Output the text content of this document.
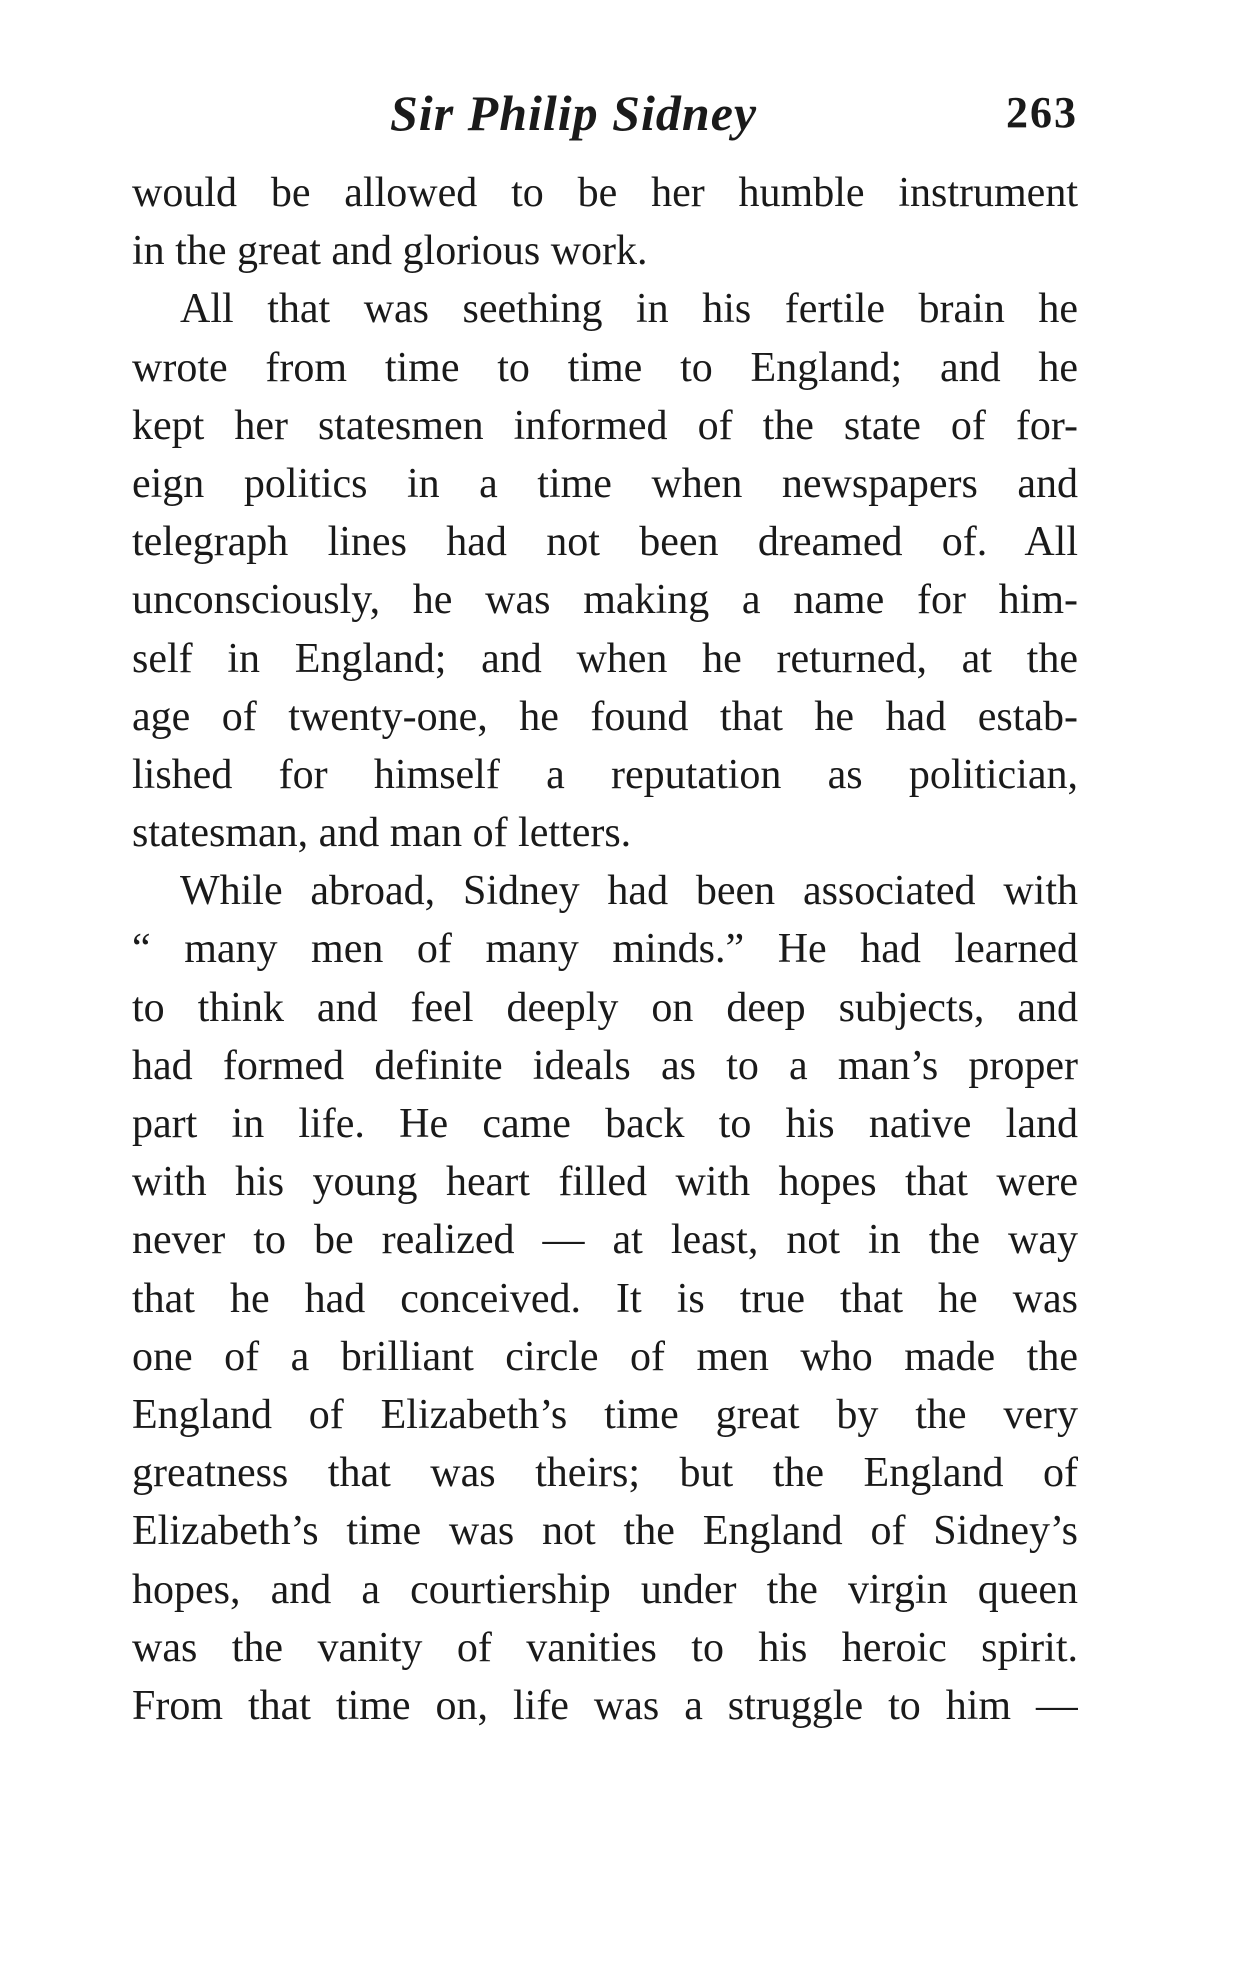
Sir Philip Sidney	263
would be allowed to be her humble instrument
in the great and glorious work.
All that was seething in his fertile brain he
wrote from time to time to England; and he
kept her statesmen informed of the state of for-
eign politics in a time when newspapers and
telegraph lines had not been dreamed of. All
unconsciously, he was making a name for him-
self in England; and when he returned, at the
age of twenty-one, he found that he had estab-
lished for himself a reputation as politician,
statesman, and man of letters.
While abroad, Sidney had been associated with
“ many men of many minds.” He had learned
to think and feel deeply on deep subjects, and
had formed definite ideals as to a man’s proper
part in life. He came back to his native land
with his young heart filled with hopes that were
never to be realized — at least, not in the way
that he had conceived. It is true that he was
one of a brilliant circle of men who made the
England of Elizabeth’s time great by the very
greatness that was theirs; but the England of
Elizabeth’s time was not the England of Sidney’s
hopes, and a courtiership under the virgin queen
was the vanity of vanities to his heroic spirit.
From that time on, life was a struggle to him —
